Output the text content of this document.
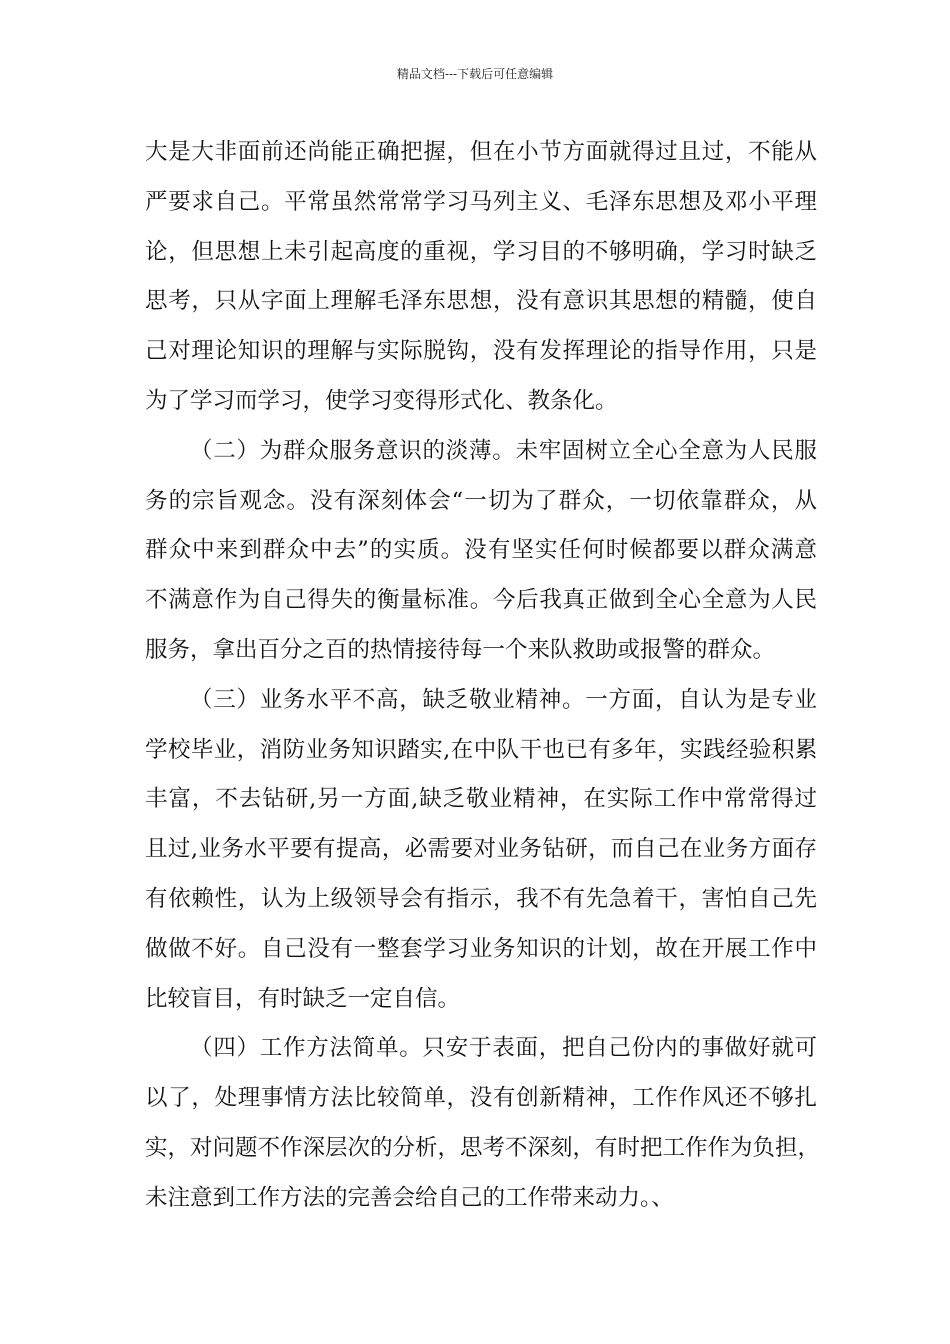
精品文档---下载后可任意编辑
大是大非面前还尚能正确把握，但在小节方面就得过且过，不能从
严要求自己。平常虽然常常学习马列主义、毛泽东思想及邓小平理
论，但思想上未引起高度的重视，学习目的不够明确，学习时缺乏
思考，只从字面上理解毛泽东思想，没有意识其思想的精髓，使自
己对理论知识的理解与实际脱钩，没有发挥理论的指导作用，只是
为了学习而学习，使学习变得形式化、教条化。
（二）为群众服务意识的淡薄。未牢固树立全心全意为人民服
务的宗旨观念。没有深刻体会“一切为了群众，一切依靠群众，从
群众中来到群众中去”的实质。没有坚实任何时候都要以群众满意
不满意作为自己得失的衡量标准。今后我真正做到全心全意为人民
服务，拿出百分之百的热情接待每一个来队救助或报警的群众。
（三）业务水平不高，缺乏敬业精神。一方面，自认为是专业
学校毕业，消防业务知识踏实,在中队干也已有多年，实践经验积累
丰富，不去钻研,另一方面,缺乏敬业精神，在实际工作中常常得过
且过,业务水平要有提高，必需要对业务钻研，而自己在业务方面存
有依赖性，认为上级领导会有指示，我不有先急着干，害怕自己先
做做不好。自己没有一整套学习业务知识的计划，故在开展工作中
比较盲目，有时缺乏一定自信。
（四）工作方法简单。只安于表面，把自己份内的事做好就可
以了，处理事情方法比较简单，没有创新精神，工作作风还不够扎
实，对问题不作深层次的分析，思考不深刻，有时把工作作为负担，
未注意到工作方法的完善会给自己的工作带来动力。、
